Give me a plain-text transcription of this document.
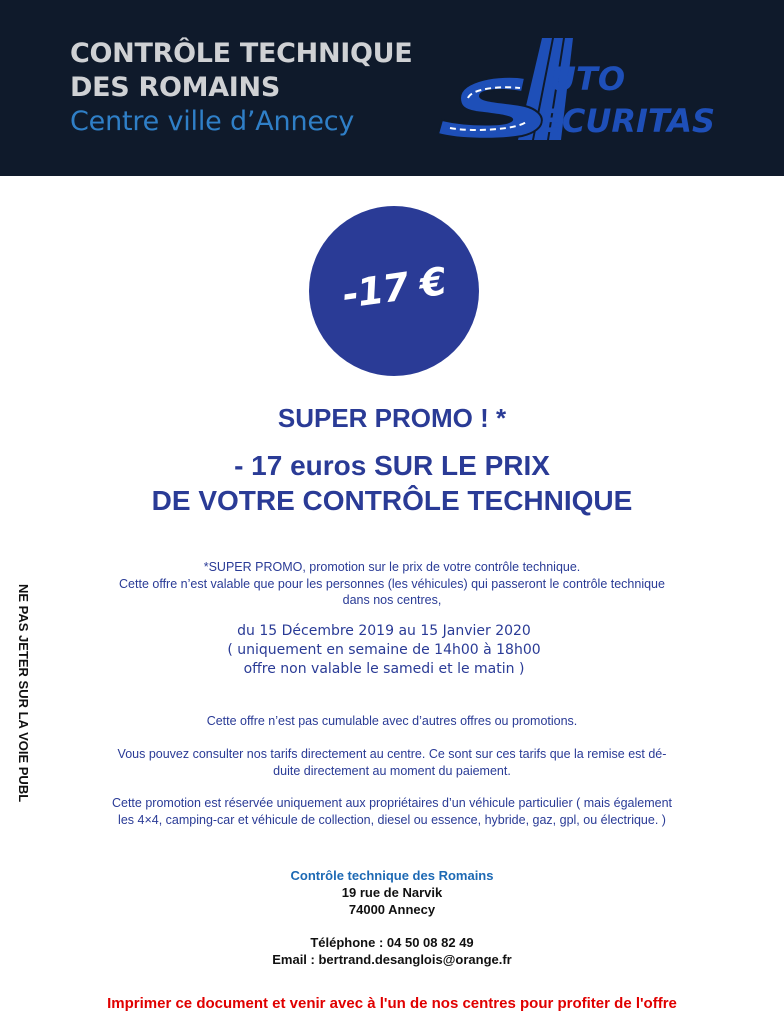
CONTRÔLE TECHNIQUE
DES ROMAINS
Centre ville d’Annecy
UTO
ECURITAS
NE PAS JETER SUR LA VOIE PUBL
-17 €
SUPER PROMO ! *
- 17 euros SUR LE PRIX
DE VOTRE CONTRÔLE TECHNIQUE
*SUPER PROMO, promotion sur le prix de votre contrôle technique.
Cette offre n’est valable que pour les personnes (les véhicules) qui passeront le contrôle technique
dans nos centres,
du 15 Décembre 2019 au 15 Janvier 2020
( uniquement en semaine de 14h00 à 18h00
offre non valable le samedi et le matin )
Cette offre n’est pas cumulable avec d’autres offres ou promotions.
Vous pouvez consulter nos tarifs directement au centre. Ce sont sur ces tarifs que la remise est dé-
duite directement au moment du paiement.
Cette promotion est réservée uniquement aux propriétaires d’un véhicule particulier ( mais également
les 4×4, camping-car et véhicule de collection, diesel ou essence, hybride, gaz, gpl, ou électrique. )
Contrôle technique des Romains
19 rue de Narvik
74000 Annecy
Téléphone : 04 50 08 82 49
Email : bertrand.desanglois@orange.fr
Imprimer ce document et venir avec à l'un de nos centres pour profiter de l'offre
